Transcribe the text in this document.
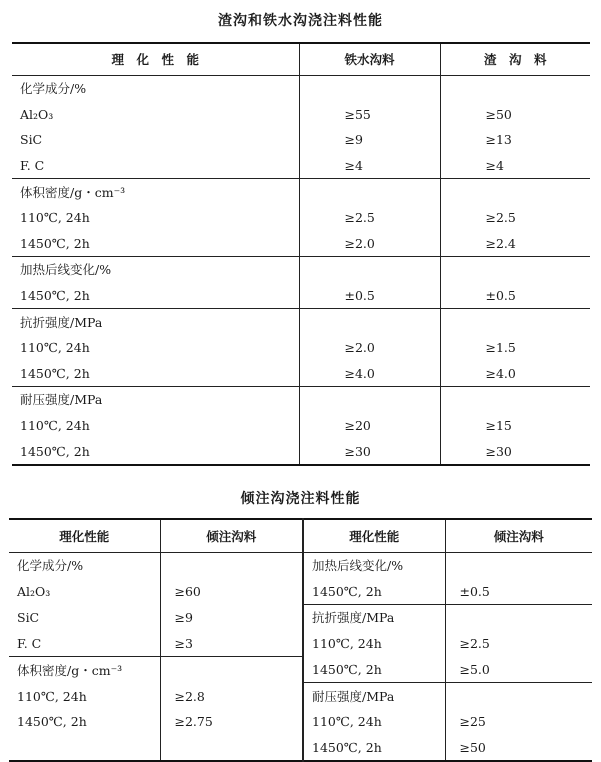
渣沟和铁水沟浇注料性能
理　化　性　能	铁水沟料	渣　沟　料
化学成分/%		
Al₂O₃	≥55	≥50
SiC	≥9	≥13
F. C	≥4	≥4
体积密度/g・cm⁻³		
110℃, 24h	≥2.5	≥2.5
1450℃, 2h	≥2.0	≥2.4
加热后线变化/%		
1450℃, 2h	±0.5	±0.5
抗折强度/MPa		
110℃, 24h	≥2.0	≥1.5
1450℃, 2h	≥4.0	≥4.0
耐压强度/MPa		
110℃, 24h	≥20	≥15
1450℃, 2h	≥30	≥30
倾注沟浇注料性能
理化性能	倾注沟料	理化性能	倾注沟料
化学成分/%		加热后线变化/%	
Al₂O₃	≥60	1450℃, 2h	±0.5
SiC	≥9	抗折强度/MPa	
F. C	≥3	110℃, 24h	≥2.5
体积密度/g・cm⁻³		1450℃, 2h	≥5.0
110℃, 24h	≥2.8	耐压强度/MPa	
1450℃, 2h	≥2.75	110℃, 24h	≥25
		1450℃, 2h	≥50
